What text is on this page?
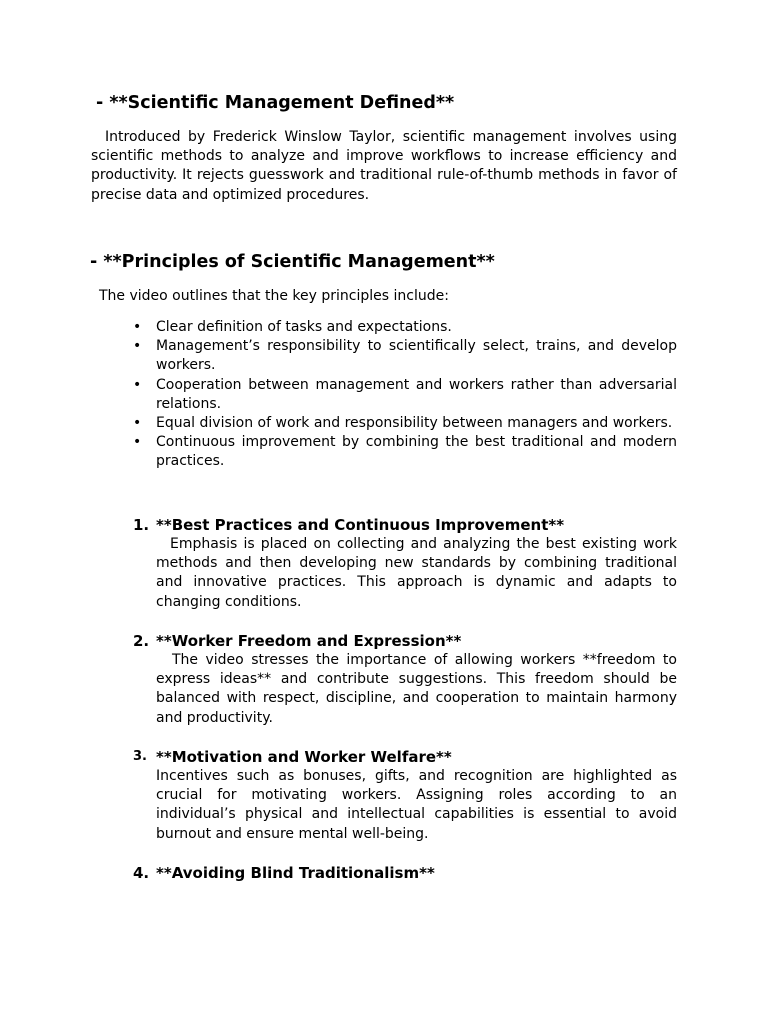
- **Scientific Management Defined**
Introduced by Frederick Winslow Taylor, scientific management involves using scientific methods to analyze and improve workflows to increase efficiency and productivity. It rejects guesswork and traditional rule-of-thumb methods in favor of precise data and optimized procedures.
- **Principles of Scientific Management**
The video outlines that the key principles include:
• Clear definition of tasks and expectations.
• Management’s responsibility to scientifically select, trains, and develop workers.
• Cooperation between management and workers rather than adversarial relations.
• Equal division of work and responsibility between managers and workers.
• Continuous improvement by combining the best traditional and modern practices.
1. **Best Practices and Continuous Improvement**
Emphasis is placed on collecting and analyzing the best existing work methods and then developing new standards by combining traditional and innovative practices. This approach is dynamic and adapts to changing conditions.
2. **Worker Freedom and Expression**
The video stresses the importance of allowing workers **freedom to express ideas** and contribute suggestions. This freedom should be balanced with respect, discipline, and cooperation to maintain harmony and productivity.
3. **Motivation and Worker Welfare**
Incentives such as bonuses, gifts, and recognition are highlighted as crucial for motivating workers. Assigning roles according to an individual’s physical and intellectual capabilities is essential to avoid burnout and ensure mental well-being.
4. **Avoiding Blind Traditionalism**
